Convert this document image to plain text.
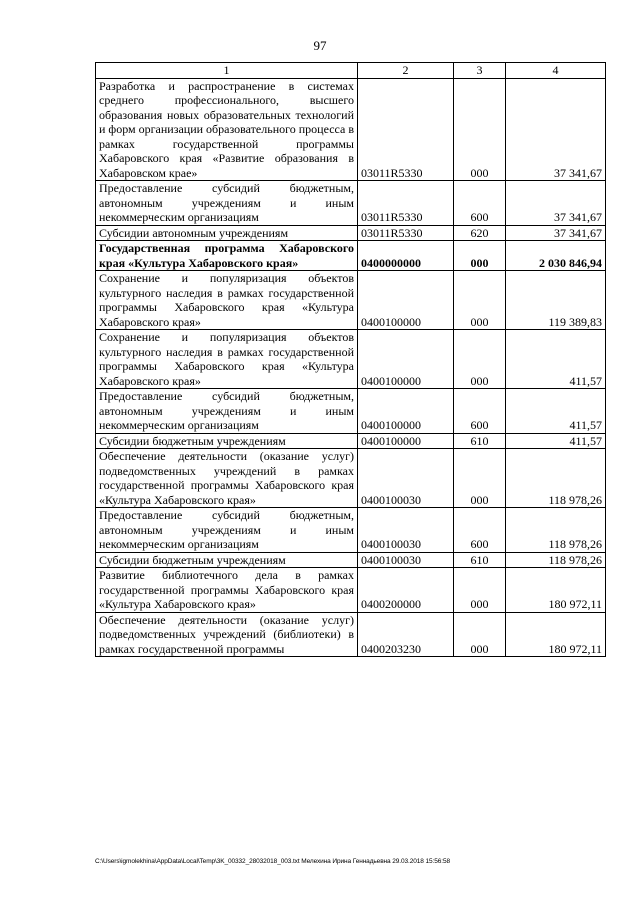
97
1	2	3	4
Разработка и распространение в системах среднего профессионального, высшего образования новых образовательных технологий и форм организации образовательного процесса в рамках государственной программы Хабаровского края «Развитие образования в Хабаровском крае»	03011R5330	000	37 341,67
Предоставление субсидий бюджетным, автономным учреждениям и иным некоммерческим организациям	03011R5330	600	37 341,67
Субсидии автономным учреждениям	03011R5330	620	37 341,67
Государственная программа Хабаровского края «Культура Хабаровского края»	0400000000	000	2 030 846,94
Сохранение и популяризация объектов культурного наследия в рамках государственной программы Хабаровского края «Культура Хабаровского края»	0400100000	000	119 389,83
Сохранение и популяризация объектов культурного наследия в рамках государственной программы Хабаровского края «Культура Хабаровского края»	0400100000	000	411,57
Предоставление субсидий бюджетным, автономным учреждениям и иным некоммерческим организациям	0400100000	600	411,57
Субсидии бюджетным учреждениям	0400100000	610	411,57
Обеспечение деятельности (оказание услуг) подведомственных учреждений в рамках государственной программы Хабаровского края «Культура Хабаровского края»	0400100030	000	118 978,26
Предоставление субсидий бюджетным, автономным учреждениям и иным некоммерческим организациям	0400100030	600	118 978,26
Субсидии бюджетным учреждениям	0400100030	610	118 978,26
Развитие библиотечного дела в рамках государственной программы Хабаровского края «Культура Хабаровского края»	0400200000	000	180 972,11
Обеспечение деятельности (оказание услуг) подведомственных учреждений (библиотеки) в рамках государственной программы	0400203230	000	180 972,11
C:\Users\igmolekhina\AppData\Local\Temp\3K_00332_28032018_003.txt Мелехина Ирина Геннадьевна 29.03.2018 15:56:58
